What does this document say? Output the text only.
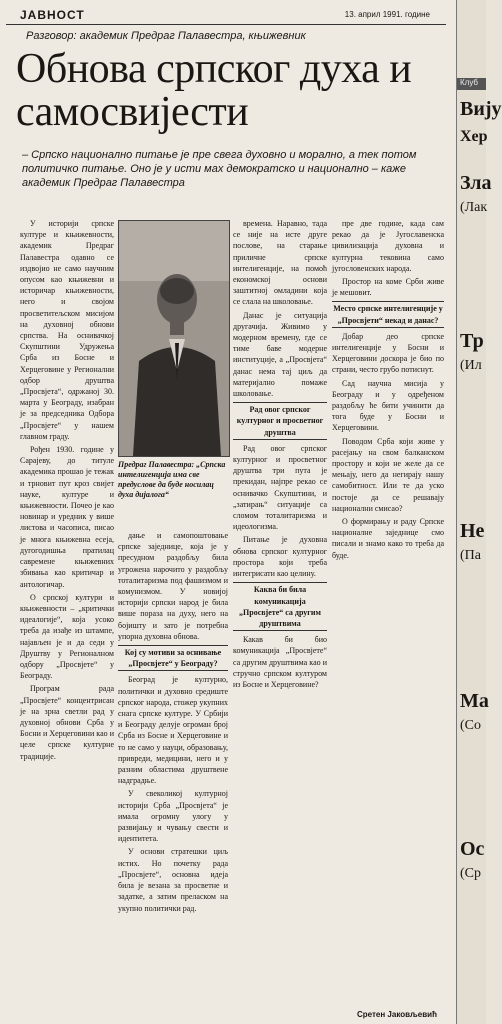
ЈАВНОСТ	13. април 1991. године
Разговор: академик Предраг Палавестра, књижевник
Обнова српског духа и самосвијести

– Српско национално питање је пре свега духовно и морално, а тек потом политичко питање. Оно је у исти мах демократско и национално – каже академик Предраг Палавестра

У историји српске културе и књижевности, академик Предраг Палавестра одавно се издвојио не само научним опусом као књижевни и историчар књижевности, него и својом просветитељском мисијом на духовној обнови српства. На оснивачкој Скупштини Удружења Срба из Босне и Херцеговине у Регионални одбор друштва „Просвјета“, одржаној 30. марта у Београду, изабран је за председника Одбора „Просвјете“ у нашем главном граду.

Рођен 1930. године у Сарајеву, до титуле академика прошао је тежак и трновит пут кроз свијет науке, културе и књижевности. Почео је као новинар и уредник у више листова и часописа, писао је многа књижевна есеја, дугогодишња пратилац савремене књижевних збивања као критичар и антологичар.

О српској култури и књижевности – „критички идеалогије“, која усоко треба да изађе из штампе, најављен је и да седи у Друштву у Регионалном одбору „Просвјете“ у Београду.

Програм рада „Просвјете“ концентрисан је на зрна светли рад у духовној обнови Срба у Босни и Херцеговини као и целе српске културне традиције.

Предраг Палавестра: „Српска интелигенција има све предуслове да буде носилац духа дијалога“

дање и самопоштовање српске заједнице, која је у пресудном раздобљу била угрожена нарочито у раздобљу тоталитаризма под фашизмом и комунизмом. У новијој историји српски народ је била више пораза на духу, него на бојишту и зато је потребна упорна духовна обнова.

Кој су мотиви за оснивање „Просвјете“ у Београду?

Београд је културно, политички и духовно средиште српског народа, стожер укупних снага српске културе. У Србији и Београду делује огроман број Срба из Босне и Херцеговине и то не само у науци, образовању, привреди, медицини, него и у разним областима друштвене надградње.

У свеколикој културној историји Срба „Просвјета“ је имала огромну улогу у развијању и чувању свести и идентитета.

У основи стратешки циљ истих. Но почетку рада „Просвјете“, основна идеја била је везана за просветне и задатке, а затим преласком на укупно политички рад.

времена. Наравно, тада се није на исте друге послове, на старање приличне српске интелигенције, на помоћ економској основи заштитној омладини која се слала на школовање.

Данас је ситуација другачија. Живимо у модерном времену, где се тиме баве модерне институције, а „Просвјета“ данас нема тај циљ да материјално помаже школовање.

Рад овог српског културног и просветног друштва

Рад овог српског културног и просветног друштва три пута је прекидан, најпре рекао се оснивачко Скупштини, и „затирањ“ ситуације са сломом тоталитаризма и идеологизма.

Питање је духовна обнова српског културног простора који треба интегрисати као целину.

Каква би била комуникација „Просвјете“ са другим друштвима

Какав би био комуникација „Просвјете“ са другим друштвима као и стручно српском културом из Босне и Херцеговине?

пре две године, када сам рекао да је Југославенска цивилизација духовна и културна тековина само југословенских народа.

Простор на коме Срби живе је мешовит.

Место српске интелигенције у „Просвјети“ некад и данас?

Добар део српске интелигенције у Босни и Херцеговини доскора је био по страни, често грубо потиснут.

Сад научна мисија у Београду и у одређеном раздобљу ће бити учинити да тога буде у Босни и Херцеговини.

Поводом Срба који живе у расејању на свом балканском простору и који не желе да се мењају, него да негирају нашу самобитност. Или те да уско постоје да се решавају национални смисао?

О формирању и раду Српске националне заједнице смо писали и знамо како то треба да буде.

Сретен Јаковљевић
Клуб
Вију
Хер
Зла
(Лак
Тр
(Ил
Не
(Па
Ма
(Со
Ос
(Ср
